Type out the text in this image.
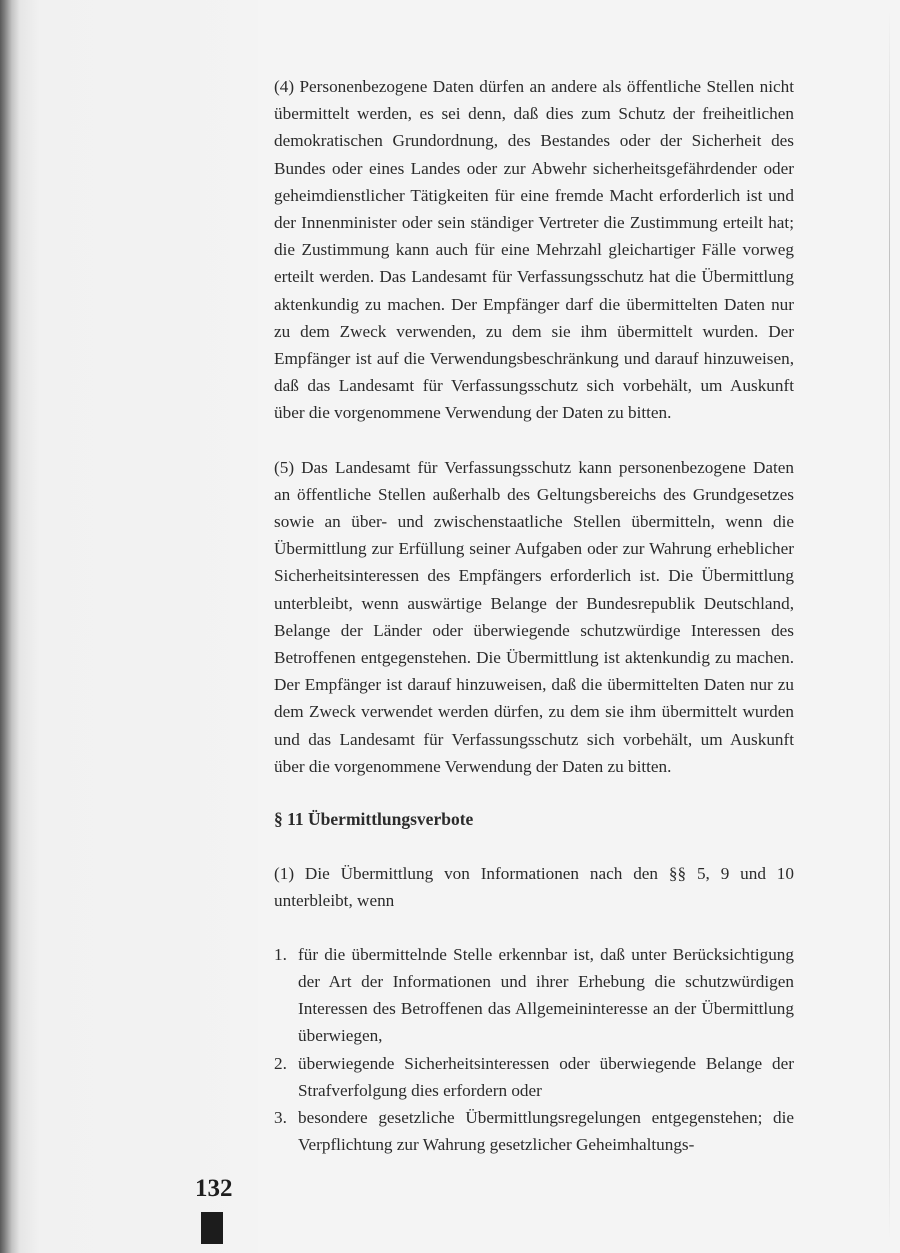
(4) Personenbezogene Daten dürfen an andere als öffentliche Stellen nicht übermittelt werden, es sei denn, daß dies zum Schutz der freiheitlichen demokratischen Grundordnung, des Bestandes oder der Sicherheit des Bundes oder eines Landes oder zur Abwehr sicherheitsgefährdender oder geheimdienstlicher Tätigkeiten für eine fremde Macht erforderlich ist und der Innenminister oder sein ständiger Vertreter die Zustimmung erteilt hat; die Zustimmung kann auch für eine Mehrzahl gleichartiger Fälle vorweg erteilt werden. Das Landesamt für Verfassungsschutz hat die Übermittlung aktenkundig zu machen. Der Empfänger darf die übermittelten Daten nur zu dem Zweck verwenden, zu dem sie ihm übermittelt wurden. Der Empfänger ist auf die Verwendungsbeschränkung und darauf hinzuweisen, daß das Landesamt für Verfassungsschutz sich vorbehält, um Auskunft über die vorgenommene Verwendung der Daten zu bitten.

(5) Das Landesamt für Verfassungsschutz kann personenbezogene Daten an öffentliche Stellen außerhalb des Geltungsbereichs des Grundgesetzes sowie an über- und zwischenstaatliche Stellen übermitteln, wenn die Übermittlung zur Erfüllung seiner Aufgaben oder zur Wahrung erheblicher Sicherheitsinteressen des Empfängers erforderlich ist. Die Übermittlung unterbleibt, wenn auswärtige Belange der Bundesrepublik Deutschland, Belange der Länder oder überwiegende schutzwürdige Interessen des Betroffenen entgegenstehen. Die Übermittlung ist aktenkundig zu machen. Der Empfänger ist darauf hinzuweisen, daß die übermittelten Daten nur zu dem Zweck verwendet werden dürfen, zu dem sie ihm übermittelt wurden und das Landesamt für Verfassungsschutz sich vorbehält, um Auskunft über die vorgenommene Verwendung der Daten zu bitten.

§ 11 Übermittlungsverbote

(1) Die Übermittlung von Informationen nach den §§ 5, 9 und 10 unterbleibt, wenn

1. für die übermittelnde Stelle erkennbar ist, daß unter Berücksichtigung der Art der Informationen und ihrer Erhebung die schutzwürdigen Interessen des Betroffenen das Allgemeininteresse an der Übermittlung überwiegen,
2. überwiegende Sicherheitsinteressen oder überwiegende Belange der Strafverfolgung dies erfordern oder
3. besondere gesetzliche Übermittlungsregelungen entgegenstehen; die Verpflichtung zur Wahrung gesetzlicher Geheimhaltungs-
132
